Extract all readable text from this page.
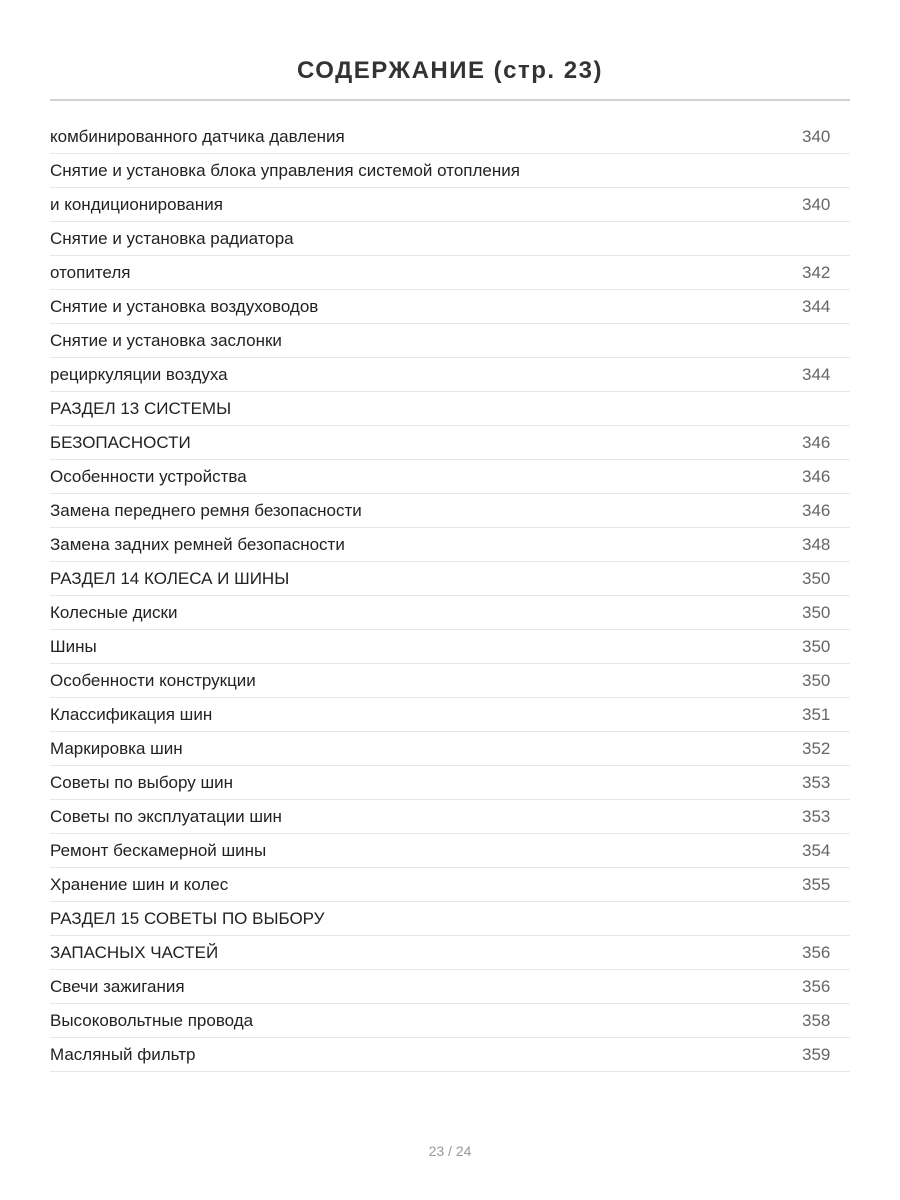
СОДЕРЖАНИЕ (стр. 23)
комбинированного датчика давления	340
Снятие и установка блока управления системой отопления
и кондиционирования	340
Снятие и установка радиатора
отопителя	342
Снятие и установка воздуховодов	344
Снятие и установка заслонки
рециркуляции воздуха	344
РАЗДЕЛ 13 СИСТЕМЫ
БЕЗОПАСНОСТИ	346
Особенности устройства	346
Замена переднего ремня безопасности	346
Замена задних ремней безопасности	348
РАЗДЕЛ 14 КОЛЕСА И ШИНЫ	350
Колесные диски	350
Шины	350
Особенности конструкции	350
Классификация шин	351
Маркировка шин	352
Советы по выбору шин	353
Советы по эксплуатации шин	353
Ремонт бескамерной шины	354
Хранение шин и колес	355
РАЗДЕЛ 15 СОВЕТЫ ПО ВЫБОРУ
ЗАПАСНЫХ ЧАСТЕЙ	356
Свечи зажигания	356
Высоковольтные провода	358
Масляный фильтр	359
23 / 24
